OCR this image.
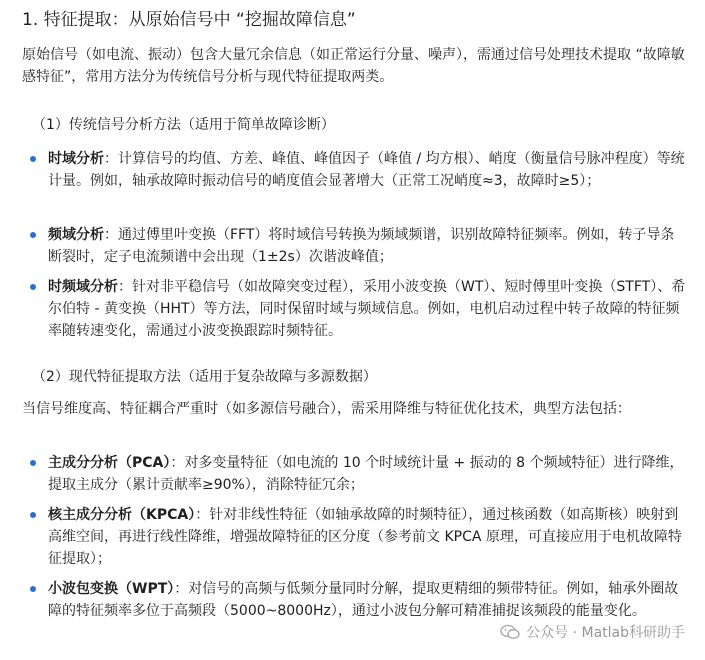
1. 特征提取：从原始信号中 “挖掘故障信息”
原始信号（如电流、振动）包含大量冗余信息（如正常运行分量、噪声），需通过信号处理技术提取 “故障敏感特征”，常用方法分为传统信号分析与现代特征提取两类。
（1）传统信号分析方法（适用于简单故障诊断）
时域分析：计算信号的均值、方差、峰值、峰值因子（峰值 / 均方根）、峭度（衡量信号脉冲程度）等统计量。例如，轴承故障时振动信号的峭度值会显著增大（正常工况峭度≈3，故障时≥5）；
频域分析：通过傅里叶变换（FFT）将时域信号转换为频域频谱，识别故障特征频率。例如，转子导条断裂时，定子电流频谱中会出现（1±2s）次谐波峰值；
时频域分析：针对非平稳信号（如故障突变过程），采用小波变换（WT）、短时傅里叶变换（STFT）、希尔伯特 - 黄变换（HHT）等方法，同时保留时域与频域信息。例如，电机启动过程中转子故障的特征频率随转速变化，需通过小波变换跟踪时频特征。
（2）现代特征提取方法（适用于复杂故障与多源数据）
当信号维度高、特征耦合严重时（如多源信号融合），需采用降维与特征优化技术，典型方法包括：
主成分分析（PCA）：对多变量特征（如电流的 10 个时域统计量 + 振动的 8 个频域特征）进行降维，提取主成分（累计贡献率≥90%），消除特征冗余；
核主成分分析（KPCA）：针对非线性特征（如轴承故障的时频特征），通过核函数（如高斯核）映射到高维空间，再进行线性降维，增强故障特征的区分度（参考前文 KPCA 原理，可直接应用于电机故障特征提取）；
小波包变换（WPT）：对信号的高频与低频分量同时分解，提取更精细的频带特征。例如，轴承外圈故障的特征频率多位于高频段（5000~8000Hz），通过小波包分解可精准捕捉该频段的能量变化。
公众号 · Matlab科研助手
